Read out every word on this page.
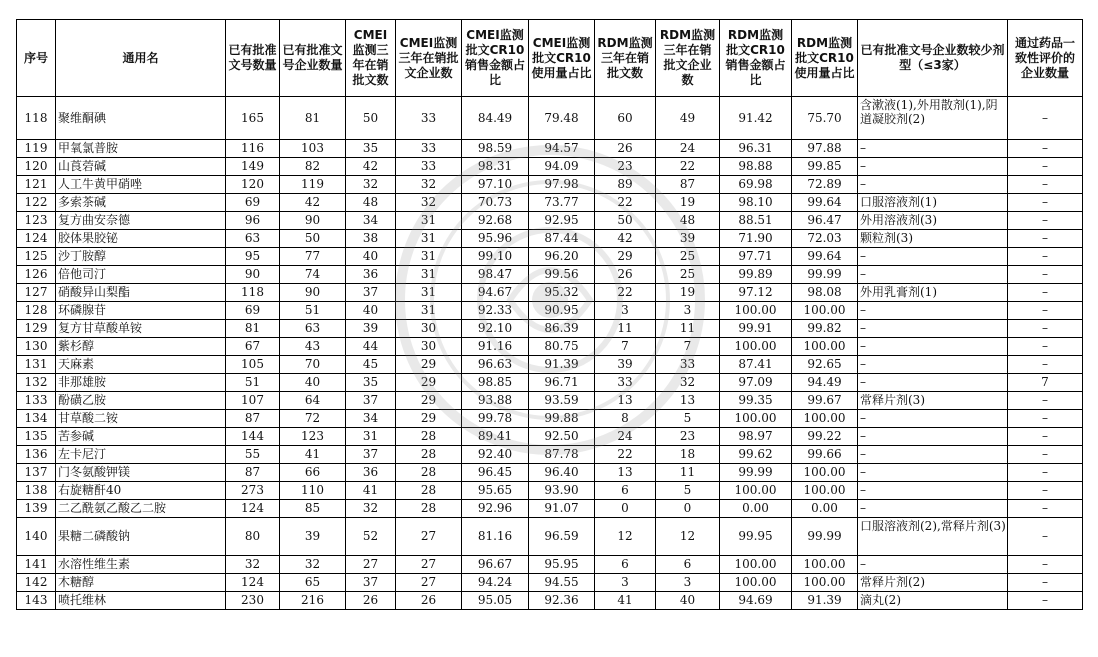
序号	通用名	已有批准文号数量	已有批准文号企业数量	CMEI监测三年在销批文数	CMEI监测三年在销批文企业数	CMEI监测批文CR10销售金额占比	CMEI监测批文CR10使用量占比	RDM监测三年在销批文数	RDM监测三年在销批文企业数	RDM监测批文CR10销售金额占比	RDM监测批文CR10使用量占比	已有批准文号企业数较少剂型（≤3家）	通过药品一致性评价的企业数量
118	聚维酮碘	165	81	50	33	84.49	79.48	60	49	91.42	75.70	含漱液(1),外用散剂(1),阴道凝胶剂(2)	–
119	甲氧氯普胺	116	103	35	33	98.59	94.57	26	24	96.31	97.88	–	–
120	山莨菪碱	149	82	42	33	98.31	94.09	23	22	98.88	99.85	–	–
121	人工牛黄甲硝唑	120	119	32	32	97.10	97.98	89	87	69.98	72.89	–	–
122	多索茶碱	69	42	48	32	70.73	73.77	22	19	98.10	99.64	口服溶液剂(1)	–
123	复方曲安奈德	96	90	34	31	92.68	92.95	50	48	88.51	96.47	外用溶液剂(3)	–
124	胶体果胶铋	63	50	38	31	95.96	87.44	42	39	71.90	72.03	颗粒剂(3)	–
125	沙丁胺醇	95	77	40	31	99.10	96.20	29	25	97.71	99.64	–	–
126	倍他司汀	90	74	36	31	98.47	99.56	26	25	99.89	99.99	–	–
127	硝酸异山梨酯	118	90	37	31	94.67	95.32	22	19	97.12	98.08	外用乳膏剂(1)	–
128	环磷腺苷	69	51	40	31	92.33	90.95	3	3	100.00	100.00	–	–
129	复方甘草酸单铵	81	63	39	30	92.10	86.39	11	11	99.91	99.82	–	–
130	紫杉醇	67	43	44	30	91.16	80.75	7	7	100.00	100.00	–	–
131	天麻素	105	70	45	29	96.63	91.39	39	33	87.41	92.65	–	–
132	非那雄胺	51	40	35	29	98.85	96.71	33	32	97.09	94.49	–	7
133	酚磺乙胺	107	64	37	29	93.88	93.59	13	13	99.35	99.67	常释片剂(3)	–
134	甘草酸二铵	87	72	34	29	99.78	99.88	8	5	100.00	100.00	–	–
135	苦参碱	144	123	31	28	89.41	92.50	24	23	98.97	99.22	–	–
136	左卡尼汀	55	41	37	28	92.40	87.78	22	18	99.62	99.66	–	–
137	门冬氨酸钾镁	87	66	36	28	96.45	96.40	13	11	99.99	100.00	–	–
138	右旋糖酐40	273	110	41	28	95.65	93.90	6	5	100.00	100.00	–	–
139	二乙酰氨乙酸乙二胺	124	85	32	28	92.96	91.07	0	0	0.00	0.00	–	–
140	果糖二磷酸钠	80	39	52	27	81.16	96.59	12	12	99.95	99.99	口服溶液剂(2),常释片剂(3)	–
141	水溶性维生素	32	32	27	27	96.67	95.95	6	6	100.00	100.00	–	–
142	木糖醇	124	65	37	27	94.24	94.55	3	3	100.00	100.00	常释片剂(2)	–
143	喷托维林	230	216	26	26	95.05	92.36	41	40	94.69	91.39	滴丸(2)	–
